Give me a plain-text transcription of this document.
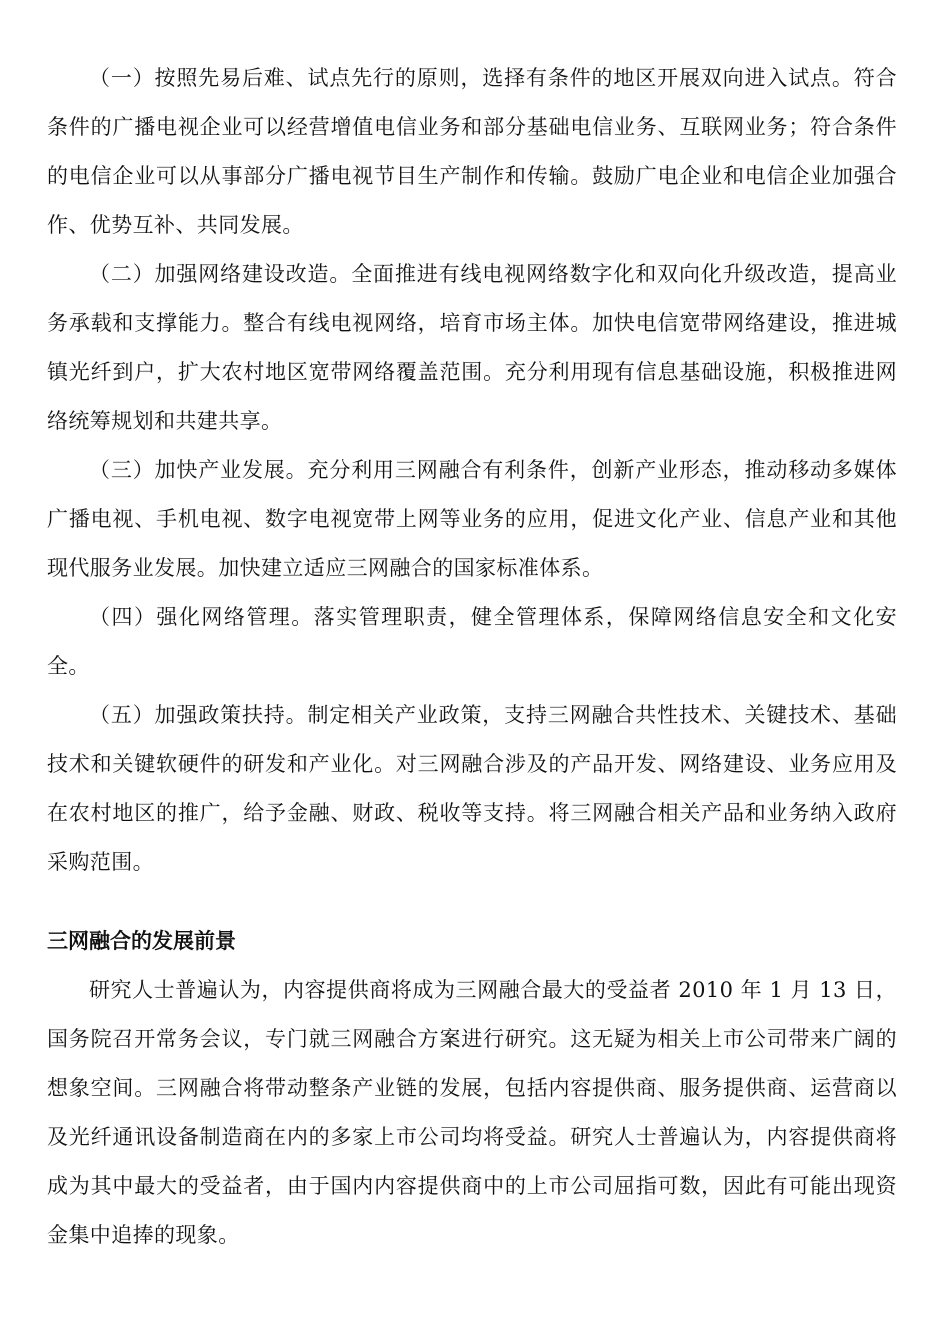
（一）按照先易后难、试点先行的原则，选择有条件的地区开展双向进入试点。符合条件的广播电视企业可以经营增值电信业务和部分基础电信业务、互联网业务；符合条件的电信企业可以从事部分广播电视节目生产制作和传输。鼓励广电企业和电信企业加强合作、优势互补、共同发展。

（二）加强网络建设改造。全面推进有线电视网络数字化和双向化升级改造，提高业务承载和支撑能力。整合有线电视网络，培育市场主体。加快电信宽带网络建设，推进城镇光纤到户，扩大农村地区宽带网络覆盖范围。充分利用现有信息基础设施，积极推进网络统筹规划和共建共享。

（三）加快产业发展。充分利用三网融合有利条件，创新产业形态，推动移动多媒体广播电视、手机电视、数字电视宽带上网等业务的应用，促进文化产业、信息产业和其他现代服务业发展。加快建立适应三网融合的国家标准体系。

（四）强化网络管理。落实管理职责，健全管理体系，保障网络信息安全和文化安全。

（五）加强政策扶持。制定相关产业政策，支持三网融合共性技术、关键技术、基础技术和关键软硬件的研发和产业化。对三网融合涉及的产品开发、网络建设、业务应用及在农村地区的推广，给予金融、财政、税收等支持。将三网融合相关产品和业务纳入政府采购范围。

三网融合的发展前景

研究人士普遍认为，内容提供商将成为三网融合最大的受益者 2010 年 1 月 13 日，国务院召开常务会议，专门就三网融合方案进行研究。这无疑为相关上市公司带来广阔的想象空间。三网融合将带动整条产业链的发展，包括内容提供商、服务提供商、运营商以及光纤通讯设备制造商在内的多家上市公司均将受益。研究人士普遍认为，内容提供商将成为其中最大的受益者，由于国内内容提供商中的上市公司屈指可数，因此有可能出现资金集中追捧的现象。
